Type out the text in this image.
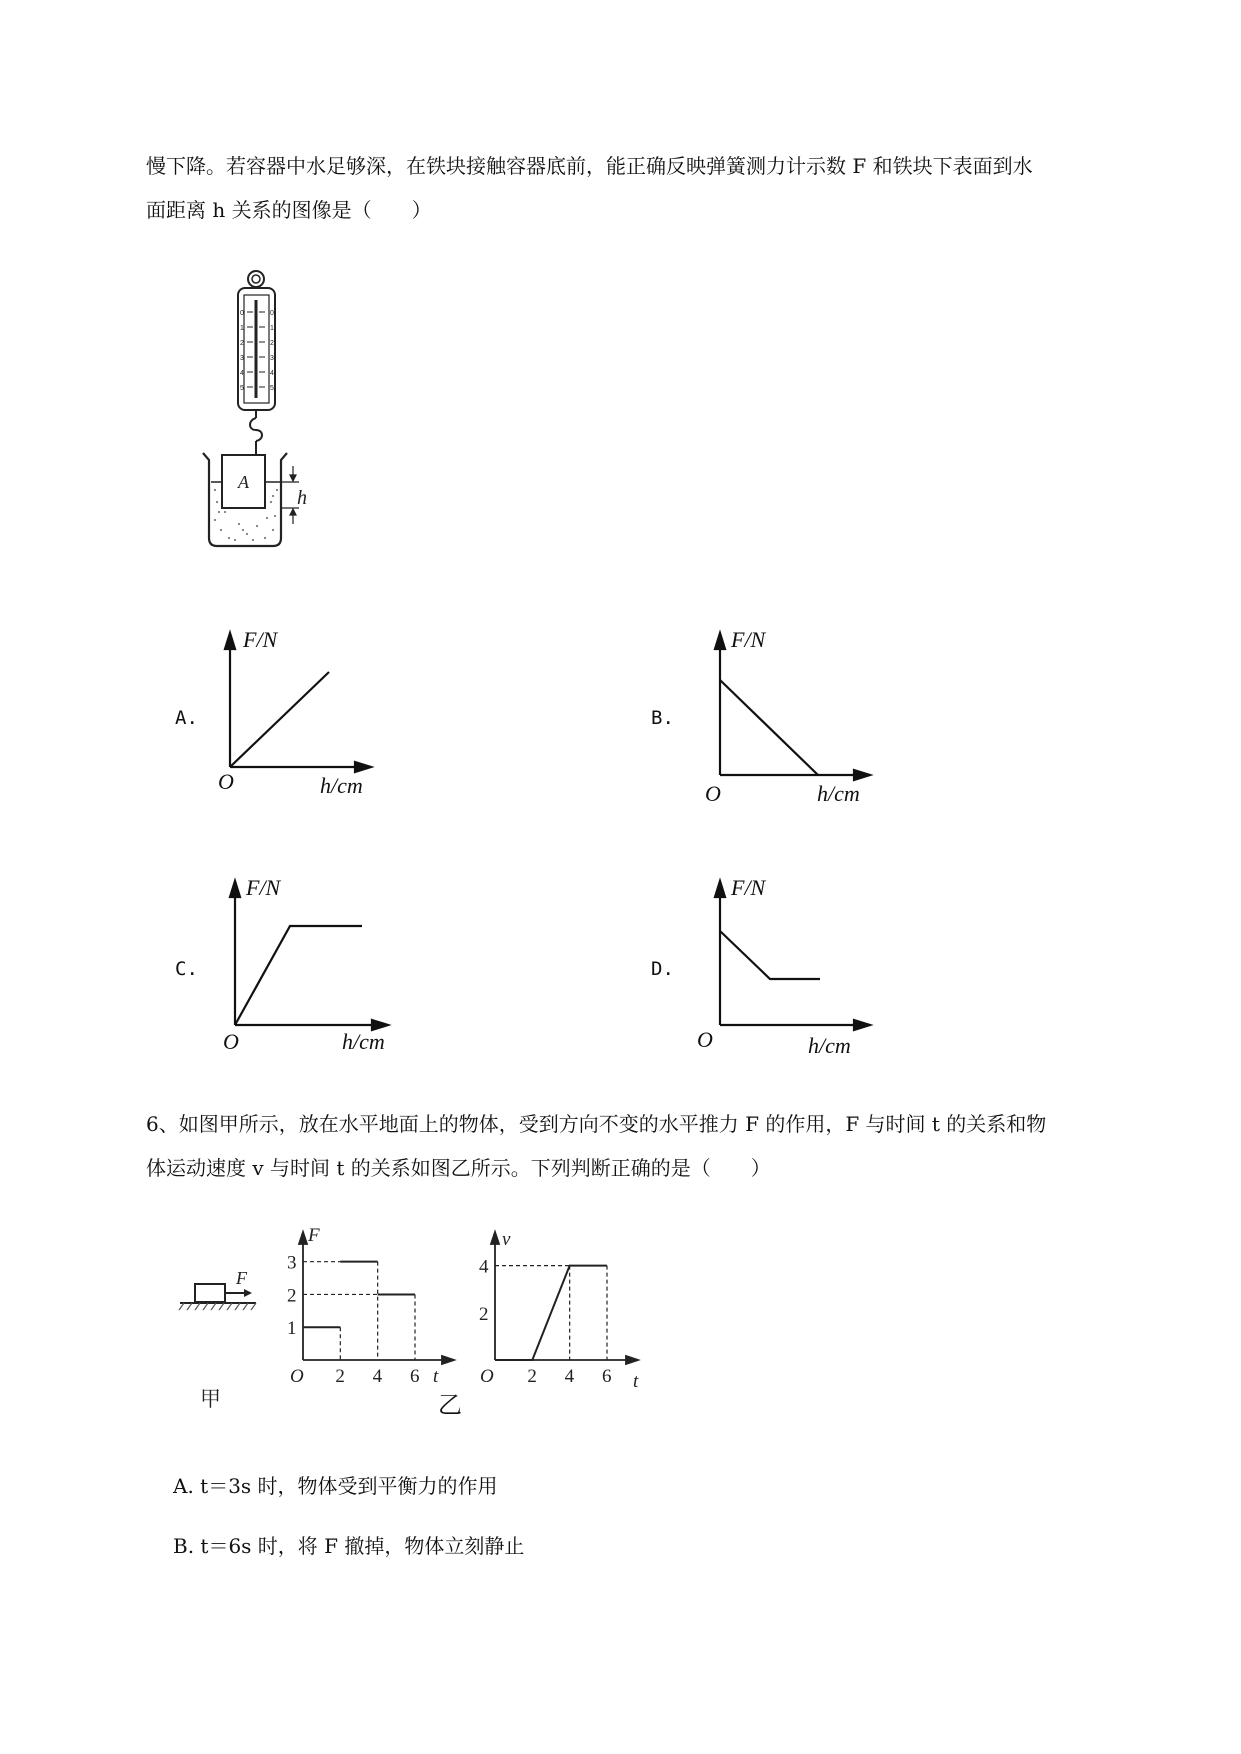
慢下降。若容器中水足够深，在铁块接触容器底前，能正确反映弹簧测力计示数 F 和铁块下表面到水
面距离 h 关系的图像是（　　）
0
1
2
3
4
5
0
1
2
3
4
5
A
h
A.
F/N
O	h/cm
B.
F/N
O	h/cm
C.
F/N
O	h/cm
D.
F/N
O	h/cm
6、如图甲所示，放在水平地面上的物体，受到方向不变的水平推力 F 的作用，F 与时间 t 的关系和物
体运动速度 v 与时间 t 的关系如图乙所示。下列判断正确的是（　　）
F
甲
1
2
3
2 4 6
O
F
t
2
4
2 4 6
O
v
t
乙
A. t＝3s 时，物体受到平衡力的作用
B. t＝6s 时，将 F 撤掉，物体立刻静止
